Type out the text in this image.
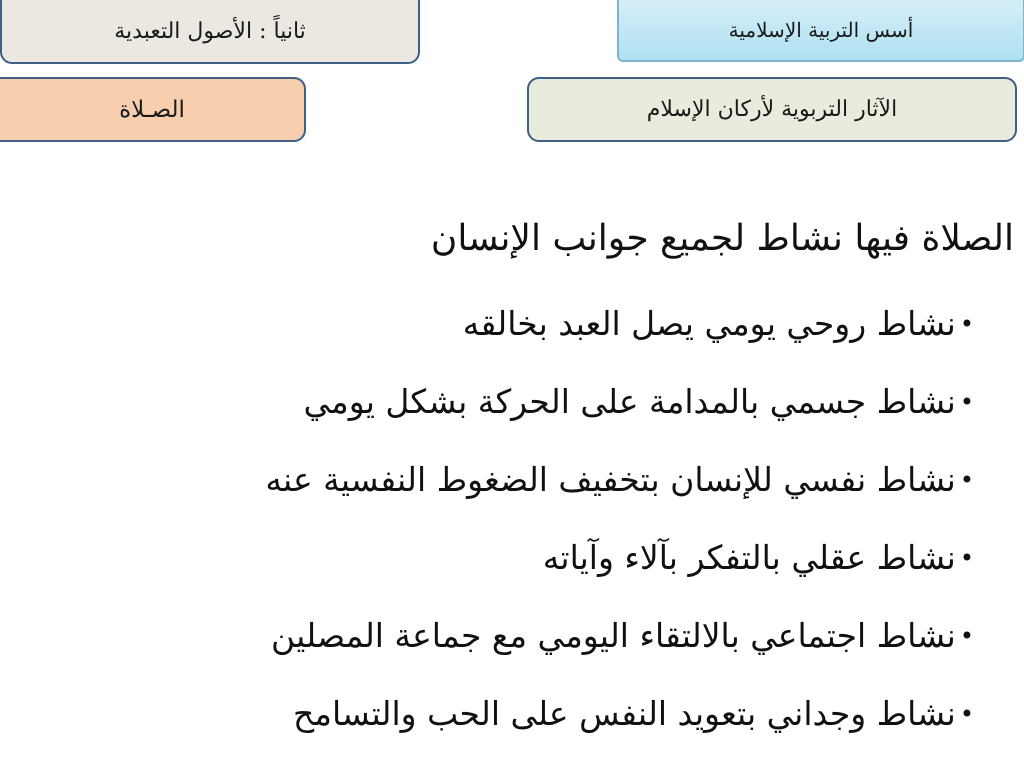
أسس التربية الإسلامية
ثانياً : الأصول التعبدية
الآثار التربوية لأركان الإسلام
الصـلاة
الصلاة فيها نشاط لجميع جوانب الإنسان
•
نشاط روحي يومي يصل العبد بخالقه
•
نشاط جسمي بالمدامة على الحركة بشكل يومي
•
نشاط نفسي للإنسان بتخفيف الضغوط النفسية عنه
•
نشاط عقلي بالتفكر بآلاء وآياته
•
نشاط اجتماعي بالالتقاء اليومي مع جماعة المصلين
•
نشاط وجداني بتعويد النفس على الحب والتسامح
